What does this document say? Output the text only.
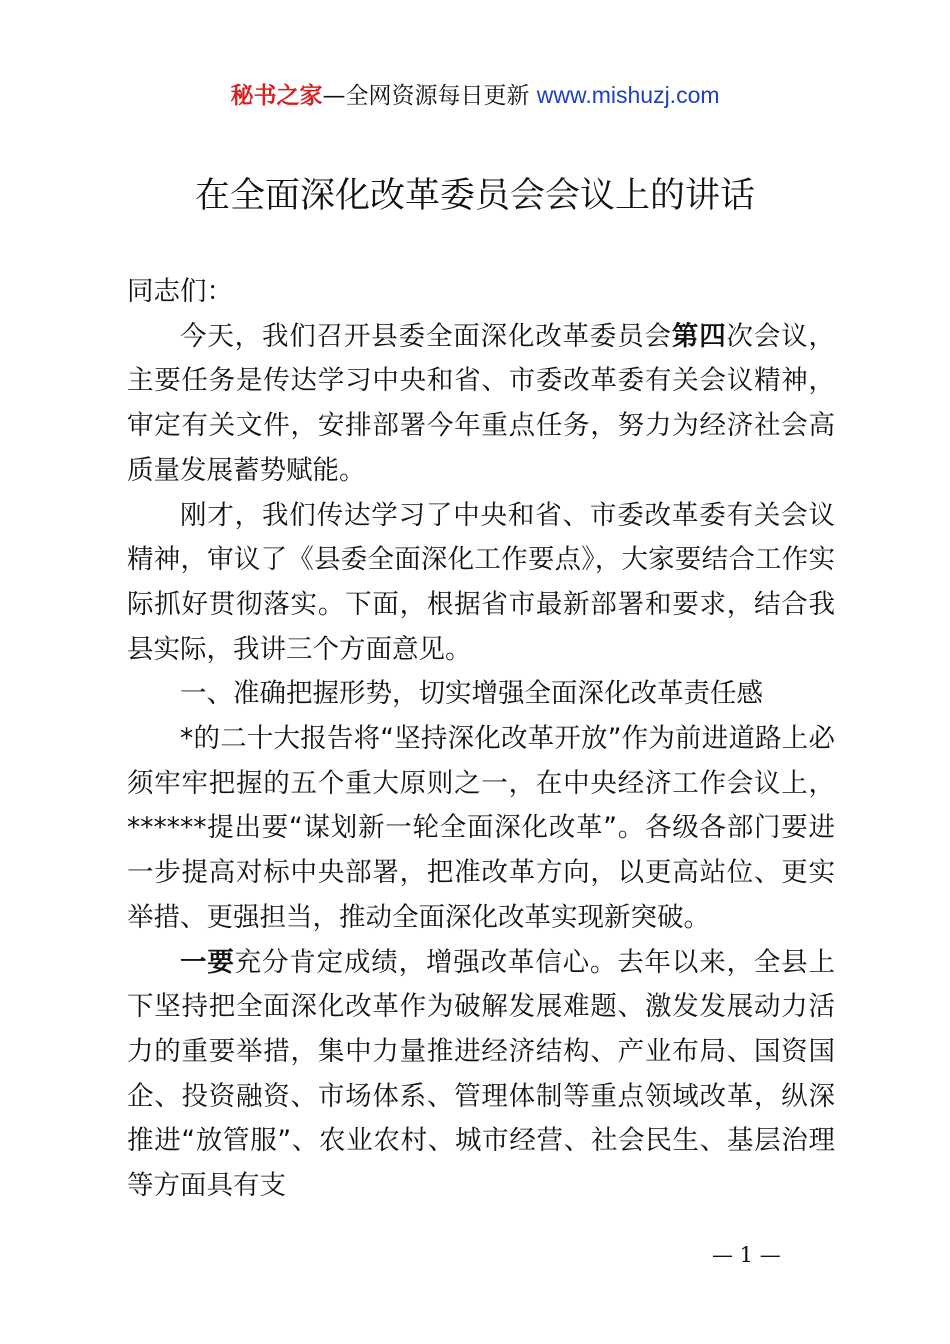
秘书之家—全网资源每日更新 www.mishuzj.com
在全面深化改革委员会会议上的讲话

同志们：

今天，我们召开县委全面深化改革委员会第四次会议，主要任务是传达学习中央和省、市委改革委有关会议精神，审定有关文件，安排部署今年重点任务，努力为经济社会高质量发展蓄势赋能。

刚才，我们传达学习了中央和省、市委改革委有关会议精神，审议了《县委全面深化工作要点》，大家要结合工作实际抓好贯彻落实。下面，根据省市最新部署和要求，结合我县实际，我讲三个方面意见。

一、准确把握形势，切实增强全面深化改革责任感

*的二十大报告将“坚持深化改革开放”作为前进道路上必须牢牢把握的五个重大原则之一，在中央经济工作会议上，******提出要“谋划新一轮全面深化改革”。各级各部门要进一步提高对标中央部署，把准改革方向，以更高站位、更实举措、更强担当，推动全面深化改革实现新突破。

一要充分肯定成绩，增强改革信心。去年以来，全县上下坚持把全面深化改革作为破解发展难题、激发发展动力活力的重要举措，集中力量推进经济结构、产业布局、国资国企、投资融资、市场体系、管理体制等重点领域改革，纵深推进“放管服”、农业农村、城市经营、社会民生、基层治理等方面具有支

— 1 —
